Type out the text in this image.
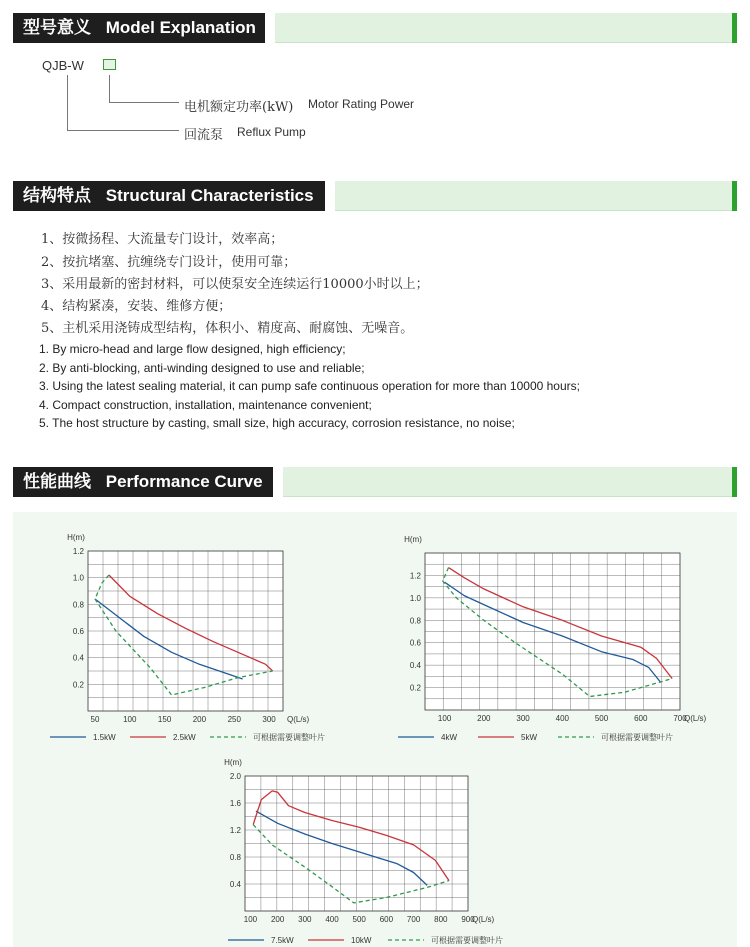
型号意义 Model Explanation
QJB-W
电机额定功率(kW) Motor Rating Power
回流泵 Reflux Pump
结构特点 Structural Characteristics
1、按微扬程、大流量专门设计，效率高；
2、按抗堵塞、抗缠绕专门设计，使用可靠；
3、采用最新的密封材料，可以使泵安全连续运行10000小时以上；
4、结构紧凑，安装、维修方便；
5、主机采用浇铸成型结构，体积小、精度高、耐腐蚀、无噪音。
1. By micro-head and large flow designed, high efficiency;
2. By anti-blocking, anti-winding designed to use and reliable;
3. Using the latest sealing material, it can pump safe continuous operation for more than 10000 hours;
4. Compact construction, installation, maintenance convenient;
5. The host structure by casting, small size, high accuracy, corrosion resistance, no noise;
性能曲线 Performance Curve
50	100	150	200	250	300
0.2
0.4
0.6
0.8
1.0
1.2
H(m)
Q(L/s)
1.5kW	2.5kW	可根据需要调整叶片
100	200	300	400	500	600	700
0.2
0.4
0.6
0.8
1.0
1.2
H(m)
Q(L/s)
4kW	5kW	可根据需要调整叶片
100 200 300 400 500 600 700 800 900
0.4
0.8
1.2
1.6
2.0
H(m)
Q(L/s)
7.5kW	10kW	可根据需要调整叶片
